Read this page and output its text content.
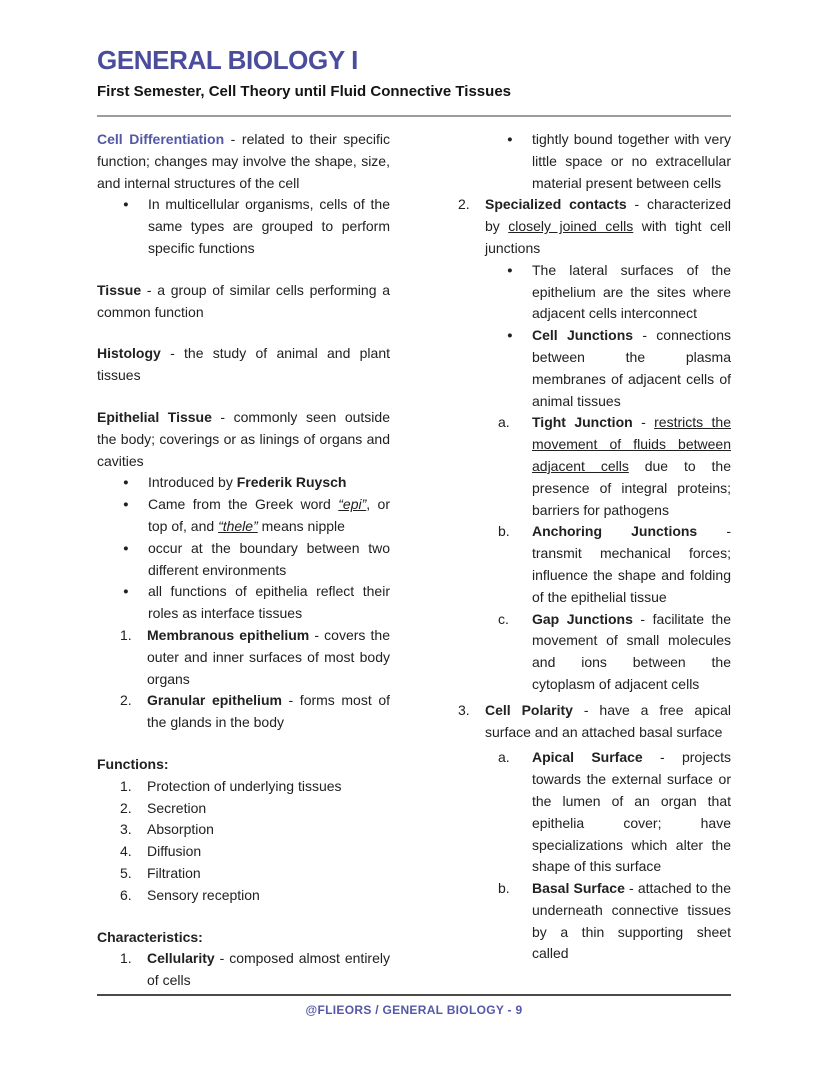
GENERAL BIOLOGY I
First Semester, Cell Theory until Fluid Connective Tissues

Cell Differentiation - related to their specific function; changes may involve the shape, size, and internal structures of the cell

●	In multicellular organisms, cells of the same types are grouped to perform specific functions

Tissue - a group of similar cells performing a common function

Histology - the study of animal and plant tissues

Epithelial Tissue - commonly seen outside the body; coverings or as linings of organs and cavities

●	Introduced by Frederik Ruysch
●	Came from the Greek word “epi”, or top of, and “thele” means nipple
●	occur at the boundary between two different environments
●	all functions of epithelia reflect their roles as interface tissues
1.	Membranous epithelium - covers the outer and inner surfaces of most body organs
2.	Granular epithelium - forms most of the glands in the body

Functions:

1.	Protection of underlying tissues
2.	Secretion
3.	Absorption
4.	Diffusion
5.	Filtration
6.	Sensory reception

Characteristics:

1.	Cellularity - composed almost entirely of cells
●	tightly bound together with very little space or no extracellular material present between cells
2.	Specialized contacts - characterized by closely joined cells with tight cell junctions
●	The lateral surfaces of the epithelium are the sites where adjacent cells interconnect
●	Cell Junctions - connections between the plasma membranes of adjacent cells of animal tissues
a.	Tight Junction - restricts the movement of fluids between adjacent cells due to the presence of integral proteins; barriers for pathogens
b.	Anchoring Junctions - transmit mechanical forces; influence the shape and folding of the epithelial tissue
c.	Gap Junctions - facilitate the movement of small molecules and ions between the cytoplasm of adjacent cells
3.	Cell Polarity - have a free apical surface and an attached basal surface
a.	Apical Surface - projects towards the external surface or the lumen of an organ that epithelia cover; have specializations which alter the shape of this surface
b.	Basal Surface - attached to the underneath connective tissues by a thin supporting sheet called
@FLIEORS / GENERAL BIOLOGY - 9
